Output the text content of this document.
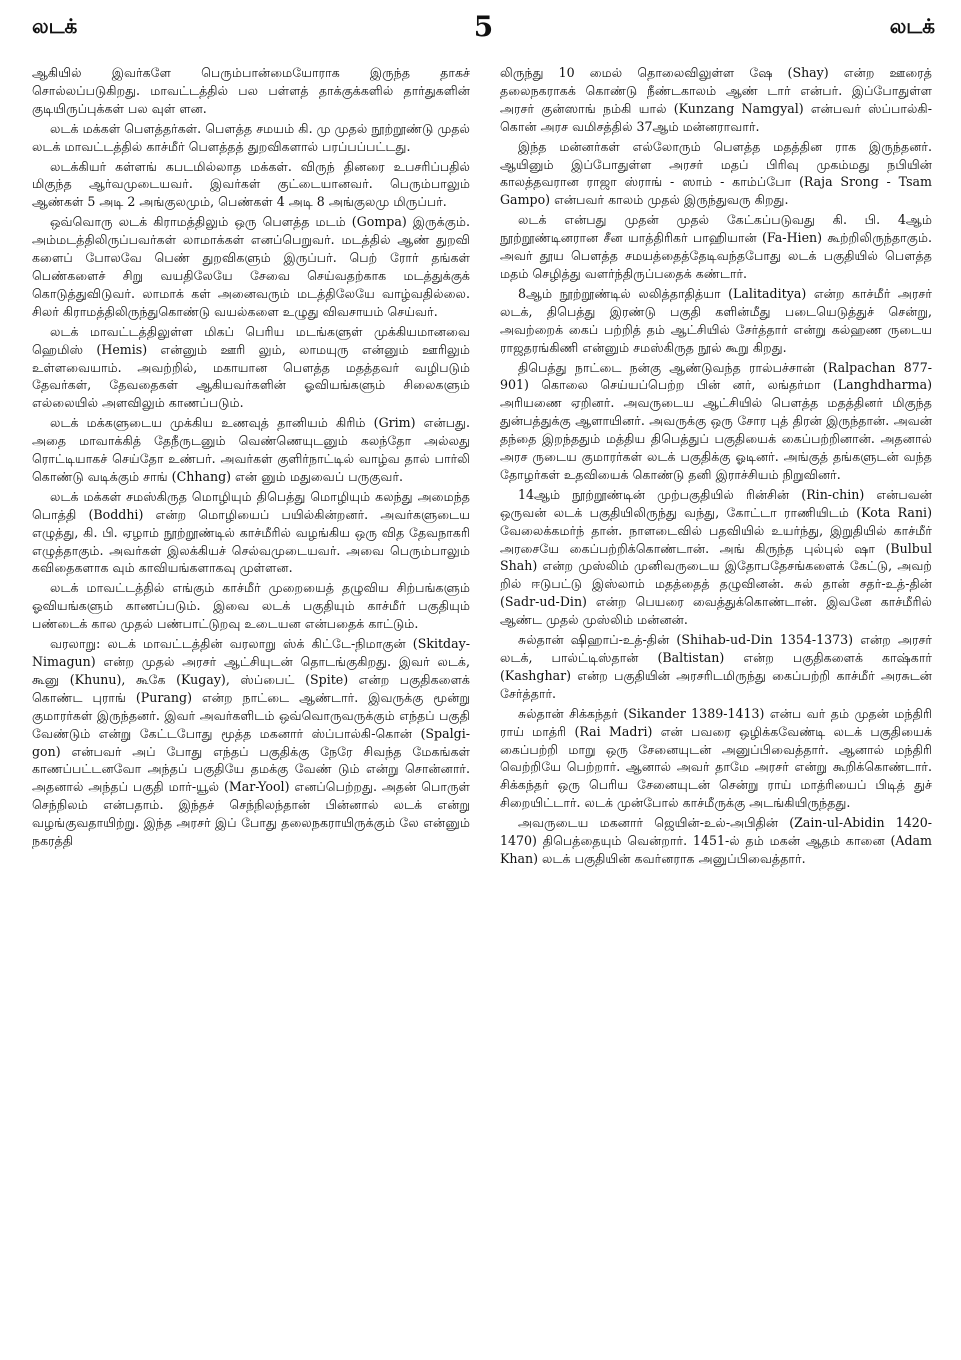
லடக்	5	லடக்

ஆகியில் இவர்களே பெரும்பான்மையோராக இருந்த தாகச் சொல்லப்படுகிறது. மாவட்டத்தில் பல பள்ளத் தாக்குக்களில் தார்துகளின் குடியிருப்புக்கள் பல வுள் ளன.

லடக் மக்கள் பௌத்தர்கள். பௌத்த சமயம் கி. மு முதல் நூற்றூண்டு முதல் லடக் மாவட்டத்தில் காச்மீர் பௌத்தத் துறவிகளால் பரப்பப்பட்டது.

லடக்கியர் கள்ளங் கபடமில்லாத மக்கள். விருந் தினரை உபசரிப்பதில் மிகுந்த ஆர்வமுடையவர். இவர்கள் குட்டையானவர். பெரும்பாலும் ஆண்கள் 5 அடி 2 அங்குலமும், பெண்கள் 4 அடி 8 அங்குலமு மிருப்பர்.

ஒவ்வொரு லடக் கிராமத்திலும் ஒரு பௌத்த மடம் (Gompa) இருக்கும். அம்மடத்திலிருப்பவர்கள் லாமாக்கள் எனப்பெறுவர். மடத்தில் ஆண் துறவி களைப் போலவே பெண் துறவிகளும் இருப்பர். பெற் ரோர் தங்கள் பெண்களைச் சிறு வயதிலேயே சேவை செய்வதற்காக மடத்துக்குக் கொடுத்துவிடுவர். லாமாக் கள் அனைவரும் மடத்திலேயே வாழ்வதில்லை. சிலர் கிராமத்திலிருந்துகொண்டு வயல்களை உழுது விவசாயம் செய்வர்.

லடக் மாவட்டத்திலுள்ள மிகப் பெரிய மடங்களுள் முக்கியமானவை ஹெமிஸ் (Hemis) என்னும் ஊரி லும், லாமயுரு என்னும் ஊரிலும் உள்ளவையாம். அவற்றில், மகாயான பௌத்த மதத்தவர் வழிபடும் தேவர்கள், தேவதைகள் ஆகியவர்களின் ஓவியங்களும் சிலைகளும் எல்லையில் அளவிலும் காணப்படும்.

லடக் மக்களுடைய முக்கிய உணவுத் தானியம் கிரிம் (Grim) என்பது. அதை மாவாக்கித் தேநீருடனும் வெண்ணெயுடனும் கலந்தோ அல்லது ரொட்டியாகச் செய்தோ உண்பர். அவர்கள் குளிர்நாட்டில் வாழ்வ தால் பார்லி கொண்டு வடிக்கும் சாங் (Chhang) என் னும் மதுவைப் பருகுவர்.

லடக் மக்கள் சமஸ்கிருத மொழியும் திபெத்து மொழியும் கலந்து அமைந்த பொத்தி (Boddhi) என்ற மொழியைப் பயில்கின்றனர். அவர்களுடைய எழுத்து, கி. பி. ஏழாம் நூற்றூண்டில் காச்மீரில் வழங்கிய ஒரு வித தேவநாகரி எழுத்தாகும். அவர்கள் இலக்கியச் செல்வமுடையவர். அவை பெரும்பாலும் கவிதைகளாக வும் காவியங்களாகவு முள்ளன.

லடக் மாவட்டத்தில் எங்கும் காச்மீர் முறையைத் தழுவிய சிற்பங்களும் ஓவியங்களும் காணப்படும். இவை லடக் பகுதியும் காச்மீர் பகுதியும் பண்டைக் கால முதல் பண்பாட்டுறவு உடையன என்பதைக் காட்டும்.

வரலாறு: லடக் மாவட்டத்தின் வரலாறு ஸ்க் கிட்டே-நிமாகுன் (Skitday-Nimagun) என்ற முதல் அரசர் ஆட்சியுடன் தொடங்குகிறது. இவர் லடக், கூனு (Khunu), கூகே (Kugay), ஸ்ப்பைட் (Spite) என்ற பகுதிகளைக் கொண்ட புராங் (Purang) என்ற நாட்டை ஆண்டார். இவருக்கு மூன்று குமாரர்கள் இருந்தனர். இவர் அவர்களிடம் ஒவ்வொருவருக்கும் எந்தப் பகுதி வேண்டும் என்று கேட்டபோது மூத்த மகனார் ஸ்ப்பால்கி-கொன் (Spalgi-gon) என்பவர் அப் போது எந்தப் பகுதிக்கு நேரே சிவந்த மேகங்கள் காணப்பட்டனவோ அந்தப் பகுதியே தமக்கு வேண் டும் என்று சொன்னார். அதனால் அந்தப் பகுதி மார்-யூல் (Mar-Yool) எனப்பெற்றது. அதன் பொருள் செந்நிலம் என்பதாம். இந்தச் செந்நிலந்தான் பின்னால் லடக் என்று வழங்குவதாயிற்று. இந்த அரசர் இப் போது தலைநகராயிருக்கும் லே என்னும் நகரத்தி

லிருந்து 10 மைல் தொலைவிலுள்ள ஷே (Shay) என்ற ஊரைத் தலைநகராகக் கொண்டு நீண்டகாலம் ஆண் டார் என்பர். இப்போதுள்ள அரசர் குன்ஸாங் நம்கி யால் (Kunzang Namgyal) என்பவர் ஸ்ப்பால்கி-கொன் அரச வமிசத்தில் 37ஆம் மன்னராவார்.

இந்த மன்னர்கள் எல்லோரும் பௌத்த மதத்தின ராக இருந்தனர். ஆயினும் இப்போதுள்ள அரசர் மதப் பிரிவு முகம்மது நபியின் காலத்தவரான ராஜா ஸ்ராங் - ஸாம் - காம்ப்போ (Raja Srong - Tsam Gampo) என்பவர் காலம் முதல் இருந்துவரு கிறது.

லடக் என்பது முதன் முதல் கேட்கப்படுவது கி. பி. 4ஆம் நூற்றூண்டினரான சீன யாத்திரிகர் பாஹியான் (Fa-Hien) கூற்றிலிருந்தாகும். அவர் தூய பௌத்த சமயத்தைத்தேடிவந்தபோது லடக் பகுதியில் பௌத்த மதம் செழித்து வளர்ந்திருப்பதைக் கண்டார்.

8ஆம் நூற்றூண்டில் லலித்தாதித்யா (Lalitaditya) என்ற காச்மீர் அரசர் லடக், திபெத்து இரண்டு பகுதி களின்மீது படையெடுத்துச் சென்று, அவற்றைக் கைப் பற்றித் தம் ஆட்சியில் சேர்த்தார் என்று கல்ஹண ருடைய ராஜதரங்கிணி என்னும் சமஸ்கிருத நூல் கூறு கிறது.

திபெத்து நாட்டை நன்கு ஆண்டுவந்த ரால்பச்சான் (Ralpachan 877-901) கொலை செய்யப்பெற்ற பின் னர், லங்தர்மா (Langhdharma) அரியணை ஏறினர். அவருடைய ஆட்சியில் பௌத்த மதத்தினர் மிகுந்த துன்பத்துக்கு ஆளாயினர். அவருக்கு ஒரு சோர புத் திரன் இருந்தான். அவன் தந்தை இறந்ததும் மத்திய திபெத்துப் பகுதியைக் கைப்பற்றினான். அதனால் அரச ருடைய குமாரர்கள் லடக் பகுதிக்கு ஓடினர். அங்குத் தங்களுடன் வந்த தோழர்கள் உதவியைக் கொண்டு தனி இராச்சியம் நிறுவினர்.

14ஆம் நூற்றூண்டின் முற்பகுதியில் ரின்சின் (Rin-chin) என்பவன் ஒருவன் லடக் பகுதியிலிருந்து வந்து, கோட்டா ராணியிடம் (Kota Rani) வேலைக்கமர்ந் தான். நாளடைவில் பதவியில் உயர்ந்து, இறுதியில் காச்மீர் அரசையே கைப்பற்றிக்கொண்டான். அங் கிருந்த புல்புல் ஷா (Bulbul Shah) என்ற முஸ்லிம் முனிவருடைய இதோபதேசங்களைக் கேட்டு, அவற் றில் ஈடுபட்டு இஸ்லாம் மதத்தைத் தழுவினன். சுல் தான் சதர்-உத்-தின் (Sadr-ud-Din) என்ற பெயரை வைத்துக்கொண்டான். இவனே காச்மீரில் ஆண்ட முதல் முஸ்லிம் மன்னன்.

சுல்தான் ஷிஹாப்-உத்-தின் (Shihab-ud-Din 1354-1373) என்ற அரசர் லடக், பால்ட்டிஸ்தான் (Baltistan) என்ற பகுதிகளைக் காஷ்கார் (Kashghar) என்ற பகுதியின் அரசரிடமிருந்து கைப்பற்றி காச்மீர் அரசுடன் சேர்த்தார்.

சுல்தான் சிக்கந்தர் (Sikander 1389-1413) என்ப வர் தம் முதன் மந்திரி ராய் மாத்ரி (Rai Madri) என் பவரை ஒழிக்கவேண்டி லடக் பகுதியைக் கைப்பற்றி மாறு ஒரு சேனையுடன் அனுப்பிவைத்தார். ஆனால் மந்திரி வெற்றியே பெற்றார். ஆனால் அவர் தாமே அரசர் என்று கூறிக்கொண்டார். சிக்கந்தர் ஒரு பெரிய சேனையுடன் சென்று ராய் மாத்ரியைப் பிடித் துச் சிறையிட்டார். லடக் முன்போல் காச்மீருக்கு அடங்கியிருந்தது.

அவருடைய மகனார் ஜெயின்-உல்-அபிதின் (Zain-ul-Abidin 1420-1470) திபெத்தையும் வென்றார். 1451-ல் தம் மகன் ஆதம் கானை (Adam Khan) லடக் பகுதியின் கவர்னராக அனுப்பிவைத்தார்.
